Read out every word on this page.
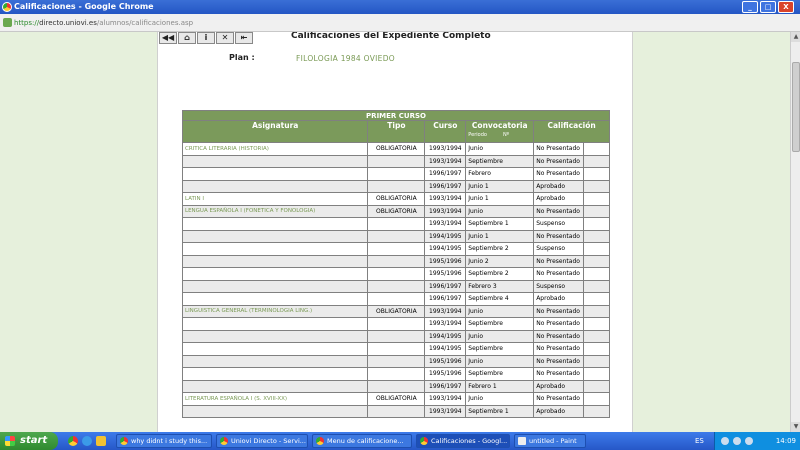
Calificaciones - Google Chrome	_	□	X
https://directo.uniovi.es/alumnos/calificaciones.asp
◀◀	⌂	i	✕	⇤	Calificaciones del Expediente Completo
Plan :	FILOLOGIA 1984 OVIEDO
PRIMER CURSO					
Asignatura	Tipo	Curso	Convocatoria
Periodo Nº	Calificación	
CRITICA LITERARIA (HISTORIA)	OBLIGATORIA	1993/1994	Junio	No Presentado	
		1993/1994	Septiembre	No Presentado	
		1996/1997	Febrero	No Presentado	
		1996/1997	Junio 1	Aprobado	
LATIN I	OBLIGATORIA	1993/1994	Junio 1	Aprobado	
LENGUA ESPAÑOLA I (FONETICA Y FONOLOGIA)	OBLIGATORIA	1993/1994	Junio	No Presentado	
		1993/1994	Septiembre 1	Suspenso	
		1994/1995	Junio 1	No Presentado	
		1994/1995	Septiembre 2	Suspenso	
		1995/1996	Junio 2	No Presentado	
		1995/1996	Septiembre 2	No Presentado	
		1996/1997	Febrero 3	Suspenso	
		1996/1997	Septiembre 4	Aprobado	
LINGUISTICA GENERAL (TERMINOLOGIA LING.)	OBLIGATORIA	1993/1994	Junio	No Presentado	
		1993/1994	Septiembre	No Presentado	
		1994/1995	Junio	No Presentado	
		1994/1995	Septiembre	No Presentado	
		1995/1996	Junio	No Presentado	
		1995/1996	Septiembre	No Presentado	
		1996/1997	Febrero 1	Aprobado	
LITERATURA ESPAÑOLA I (S. XVIII-XX)	OBLIGATORIA	1993/1994	Junio	No Presentado	
		1993/1994	Septiembre 1	Aprobado	
▲
▼
start	why didnt i study this...	Uniovi Directo - Servi...	Menu de calificacione...	Calificaciones - Googl...	untitled - Paint	ES	14:09
